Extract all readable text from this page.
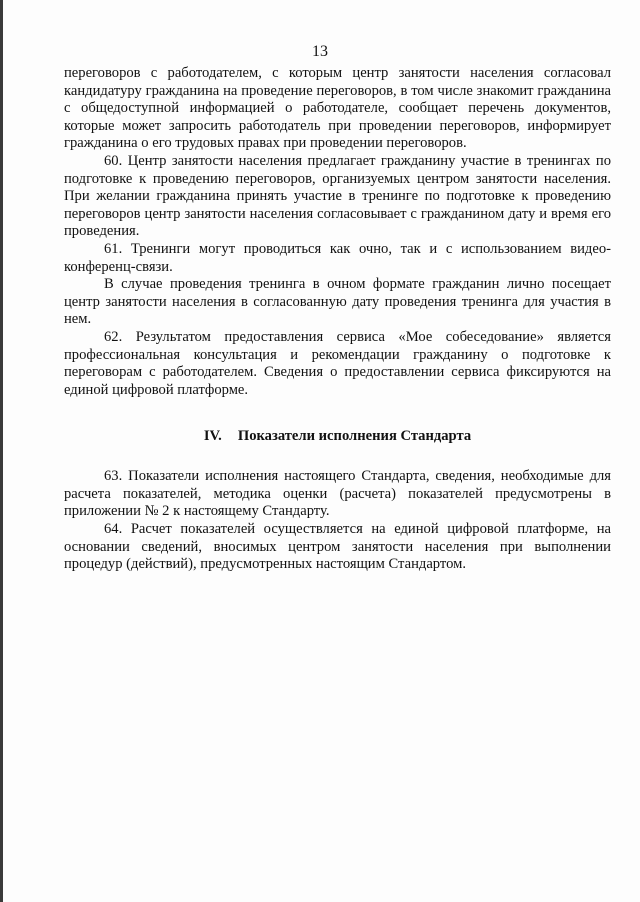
13

переговоров с работодателем, с которым центр занятости населения согласовал кандидатуру гражданина на проведение переговоров, в том числе знакомит гражданина с общедоступной информацией о работодателе, сообщает перечень документов, которые может запросить работодатель при проведении переговоров, информирует гражданина о его трудовых правах при проведении переговоров.

60. Центр занятости населения предлагает гражданину участие в тренингах по подготовке к проведению переговоров, организуемых центром занятости населения. При желании гражданина принять участие в тренинге по подготовке к проведению переговоров центр занятости населения согласовывает с гражданином дату и время его проведения.

61. Тренинги могут проводиться как очно, так и с использованием видео-конференц-связи.

В случае проведения тренинга в очном формате гражданин лично посещает центр занятости населения в согласованную дату проведения тренинга для участия в нем.

62. Результатом предоставления сервиса «Мое собеседование» является профессиональная консультация и рекомендации гражданину о подготовке к переговорам с работодателем. Сведения о предоставлении сервиса фиксируются на единой цифровой платформе.

IV. Показатели исполнения Стандарта

63. Показатели исполнения настоящего Стандарта, сведения, необходимые для расчета показателей, методика оценки (расчета) показателей предусмотрены в приложении № 2 к настоящему Стандарту.

64. Расчет показателей осуществляется на единой цифровой платформе, на основании сведений, вносимых центром занятости населения при выполнении процедур (действий), предусмотренных настоящим Стандартом.
